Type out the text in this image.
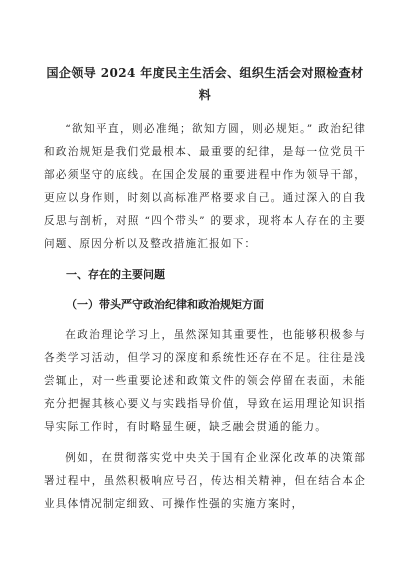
国企领导 2024 年度民主生活会、组织生活会对照检查材料

“欲知平直，则必准绳；欲知方圆，则必规矩。” 政治纪律和政治规矩是我们党最根本、最重要的纪律，是每一位党员干部必须坚守的底线。在国企发展的重要进程中作为领导干部，更应以身作则，时刻以高标准严格要求自己。通过深入的自我反思与剖析，对照 “四个带头” 的要求，现将本人存在的主要问题、原因分析以及整改措施汇报如下：

一、存在的主要问题
（一）带头严守政治纪律和政治规矩方面

在政治理论学习上，虽然深知其重要性，也能够积极参与各类学习活动，但学习的深度和系统性还存在不足。往往是浅尝辄止，对一些重要论述和政策文件的领会停留在表面，未能充分把握其核心要义与实践指导价值，导致在运用理论知识指导实际工作时，有时略显生硬，缺乏融会贯通的能力。

例如，在贯彻落实党中央关于国有企业深化改革的决策部署过程中，虽然积极响应号召，传达相关精神，但在结合本企业具体情况制定细致、可操作性强的实施方案时，
